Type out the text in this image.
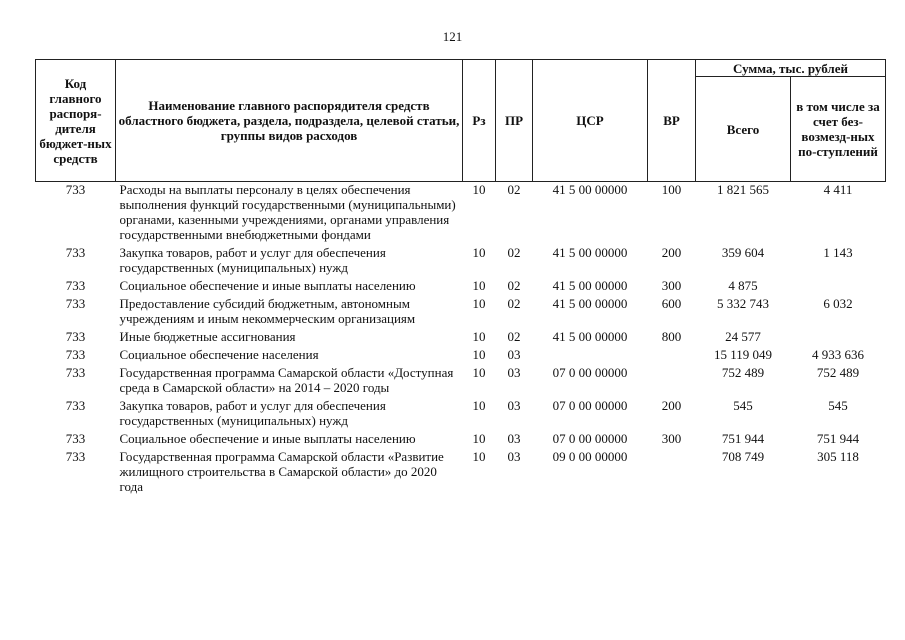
121
Код главного распоря-дителя бюджет-ных средств	Наименование главного распорядителя средств областного бюджета, раздела, подраздела, целевой статьи, группы видов расходов	Рз	ПР	ЦСР	ВР	Сумма, тыс. рублей	
						Всего	в том числе за счет без-возмезд-ных по-ступлений
733	Расходы на выплаты персоналу в целях обеспечения выполнения функций государственными (муниципальными) органами, казенными учреждениями, органами управления государственными внебюджетными фондами	10	02	41 5 00 00000	100	1 821 565	4 411
733	Закупка товаров, работ и услуг для обеспечения государственных (муниципальных) нужд	10	02	41 5 00 00000	200	359 604	1 143
733	Социальное обеспечение и иные выплаты населению	10	02	41 5 00 00000	300	4 875	
733	Предоставление субсидий бюджетным, автономным учреждениям и иным некоммерческим организациям	10	02	41 5 00 00000	600	5 332 743	6 032
733	Иные бюджетные ассигнования	10	02	41 5 00 00000	800	24 577	
733	Социальное обеспечение населения	10	03			15 119 049	4 933 636
733	Государственная программа Самарской области «Доступная среда в Самарской области» на 2014 – 2020 годы	10	03	07 0 00 00000		752 489	752 489
733	Закупка товаров, работ и услуг для обеспечения государственных (муниципальных) нужд	10	03	07 0 00 00000	200	545	545
733	Социальное обеспечение и иные выплаты населению	10	03	07 0 00 00000	300	751 944	751 944
733	Государственная программа Самарской области «Развитие жилищного строительства в Самарской области» до 2020 года	10	03	09 0 00 00000		708 749	305 118
